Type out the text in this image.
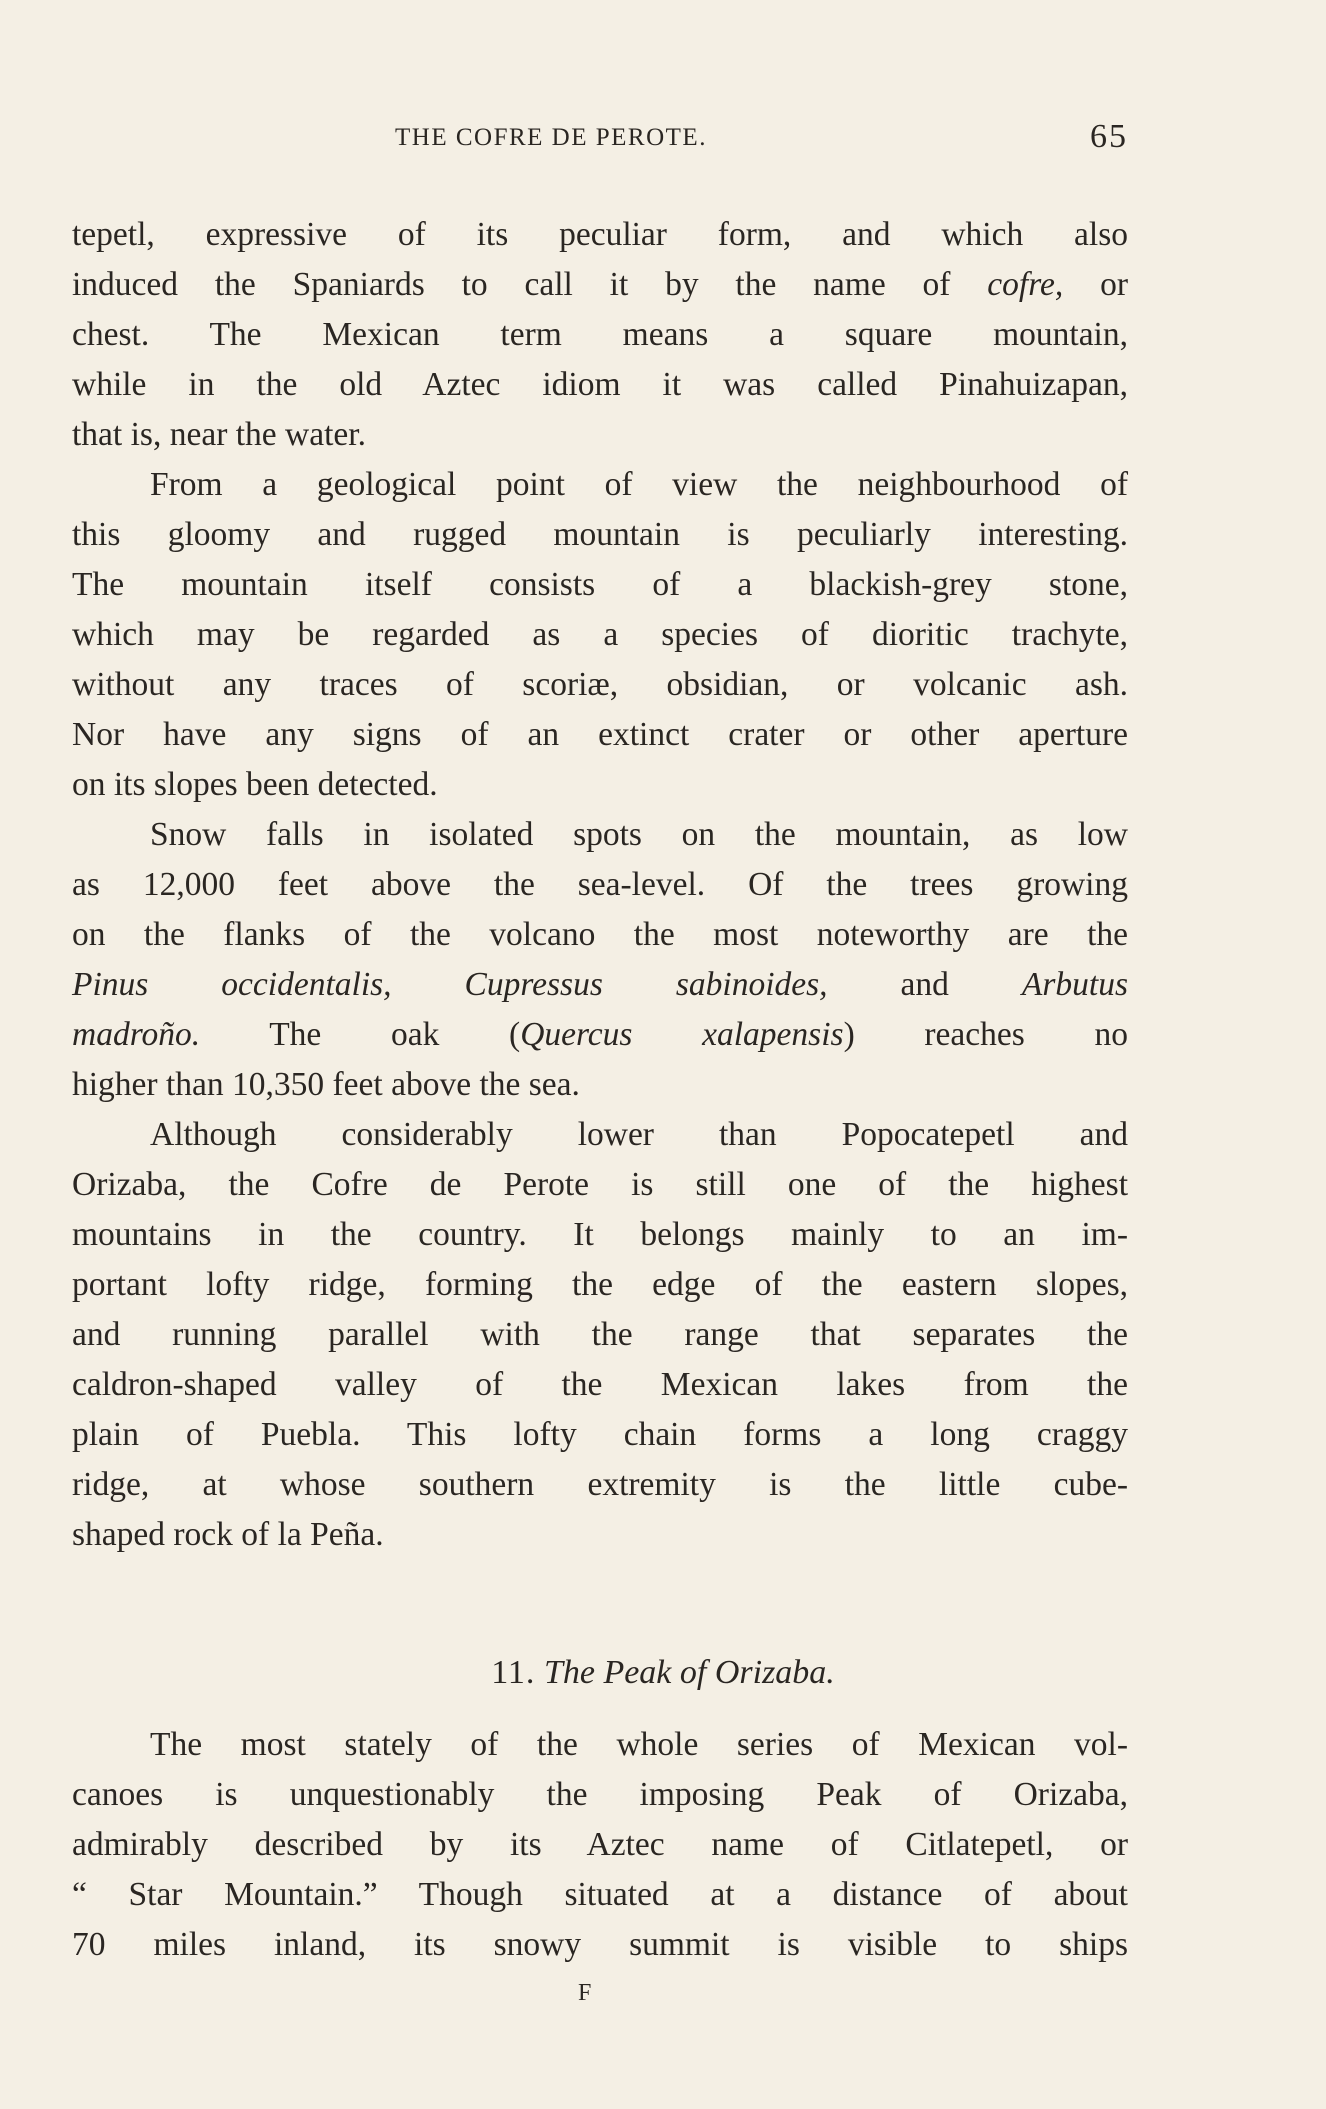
THE COFRE DE PEROTE.	65
tepetl, expressive of its peculiar form, and which also
induced the Spaniards to call it by the name of cofre, or
chest. The Mexican term means a square mountain,
while in the old Aztec idiom it was called Pinahuizapan,
that is, near the water.
From a geological point of view the neighbourhood of
this gloomy and rugged mountain is peculiarly interesting.
The mountain itself consists of a blackish-grey stone,
which may be regarded as a species of dioritic trachyte,
without any traces of scoriæ, obsidian, or volcanic ash.
Nor have any signs of an extinct crater or other aperture
on its slopes been detected.
Snow falls in isolated spots on the mountain, as low
as 12,000 feet above the sea-level. Of the trees growing
on the flanks of the volcano the most noteworthy are the
Pinus occidentalis, Cupressus sabinoides, and Arbutus
madroño. The oak (Quercus xalapensis) reaches no
higher than 10,350 feet above the sea.
Although considerably lower than Popocatepetl and
Orizaba, the Cofre de Perote is still one of the highest
mountains in the country. It belongs mainly to an im-
portant lofty ridge, forming the edge of the eastern slopes,
and running parallel with the range that separates the
caldron-shaped valley of the Mexican lakes from the
plain of Puebla. This lofty chain forms a long craggy
ridge, at whose southern extremity is the little cube-
shaped rock of la Peña.
11. The Peak of Orizaba.
The most stately of the whole series of Mexican vol-
canoes is unquestionably the imposing Peak of Orizaba,
admirably described by its Aztec name of Citlatepetl, or
“ Star Mountain.” Though situated at a distance of about
70 miles inland, its snowy summit is visible to ships
F
